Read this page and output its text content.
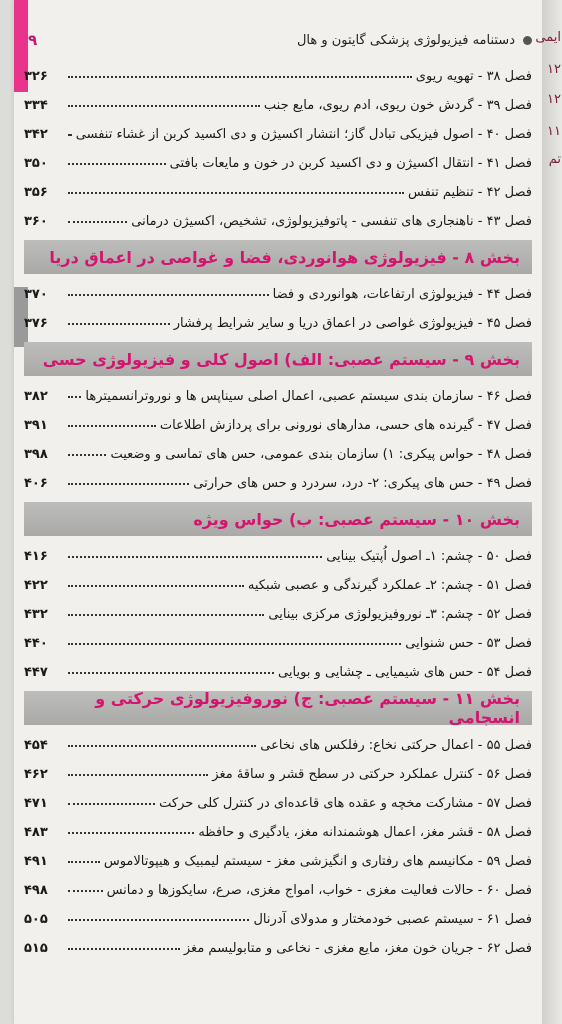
دستنامه فیزیولوژی پزشکی گایتون و هال
۹
فصل ۳۸ - تهویه ریوی
۳۲۶
فصل ۳۹ - گردش خون ریوی، ادم ریوی، مایع جنب
۳۳۴
فصل ۴۰ - اصول فیزیکی تبادل گاز؛ انتشار اکسیژن و دی اکسید کربن از غشاء تنفسی
۳۴۲
فصل ۴۱ - انتقال اکسیژن و دی اکسید کربن در خون و مایعات بافتی
۳۵۰
فصل ۴۲ - تنظیم تنفس
۳۵۶
فصل ۴۳ - ناهنجاری های تنفسی - پاتوفیزیولوژی، تشخیص، اکسیژن درمانی
۳۶۰
بخش ۸ - فیزیولوژی هوانوردی، فضا و غواصی در اعماق دریا
فصل ۴۴ - فیزیولوژی ارتفاعات، هوانوردی و فضا
۳۷۰
فصل ۴۵ - فیزیولوژی غواصی در اعماق دریا و سایر شرایط پرفشار
۳۷۶
بخش ۹ - سیستم عصبی: الف) اصول کلی و فیزیولوژی حسی
فصل ۴۶ - سازمان بندی سیستم عصبی، اعمال اصلی سیناپس ها و نوروترانسمیترها
۳۸۲
فصل ۴۷ - گیرنده های حسی، مدارهای نورونی برای پردازش اطلاعات
۳۹۱
فصل ۴۸ - حواس پیکری: ۱) سازمان بندی عمومی، حس های تماسی و وضعیت
۳۹۸
فصل ۴۹ - حس های پیکری: ۲- درد، سردرد و حس های حرارتی
۴۰۶
بخش ۱۰ - سیستم عصبی: ب) حواس ویژه
فصل ۵۰ - چشم: ۱ـ اصول اُپتیک بینایی
۴۱۶
فصل ۵۱ - چشم: ۲ـ عملکرد گیرندگی و عصبی شبکیه
۴۲۲
فصل ۵۲ - چشم: ۳ـ نوروفیزیولوژی مرکزی بینایی
۴۳۲
فصل ۵۳ - حس شنوایی
۴۴۰
فصل ۵۴ - حس های شیمیایی ـ چشایی و بویایی
۴۴۷
بخش ۱۱ - سیستم عصبی: ج) نوروفیزیولوژی حرکتی و انسجامی
فصل ۵۵ - اعمال حرکتی نخاع: رفلکس های نخاعی
۴۵۴
فصل ۵۶ - کنترل عملکرد حرکتی در سطح قشر و ساقهٔ مغز
۴۶۲
فصل ۵۷ - مشارکت مخچه و عقده های قاعده‌ای در کنترل کلی حرکت
۴۷۱
فصل ۵۸ - قشر مغز، اعمال هوشمندانه مغز، یادگیری و حافظه
۴۸۳
فصل ۵۹ - مکانیسم های رفتاری و انگیزشی مغز - سیستم لیمبیک و هیپوتالاموس
۴۹۱
فصل ۶۰ - حالات فعالیت مغزی - خواب، امواج مغزی، صرع، سایکوزها و دمانس
۴۹۸
فصل ۶۱ - سیستم عصبی خودمختار و مدولای آدرنال
۵۰۵
فصل ۶۲ - جریان خون مغز، مایع مغزی - نخاعی و متابولیسم مغز
۵۱۵
ایمی
۱۲
۱۲
۱۱
تم
